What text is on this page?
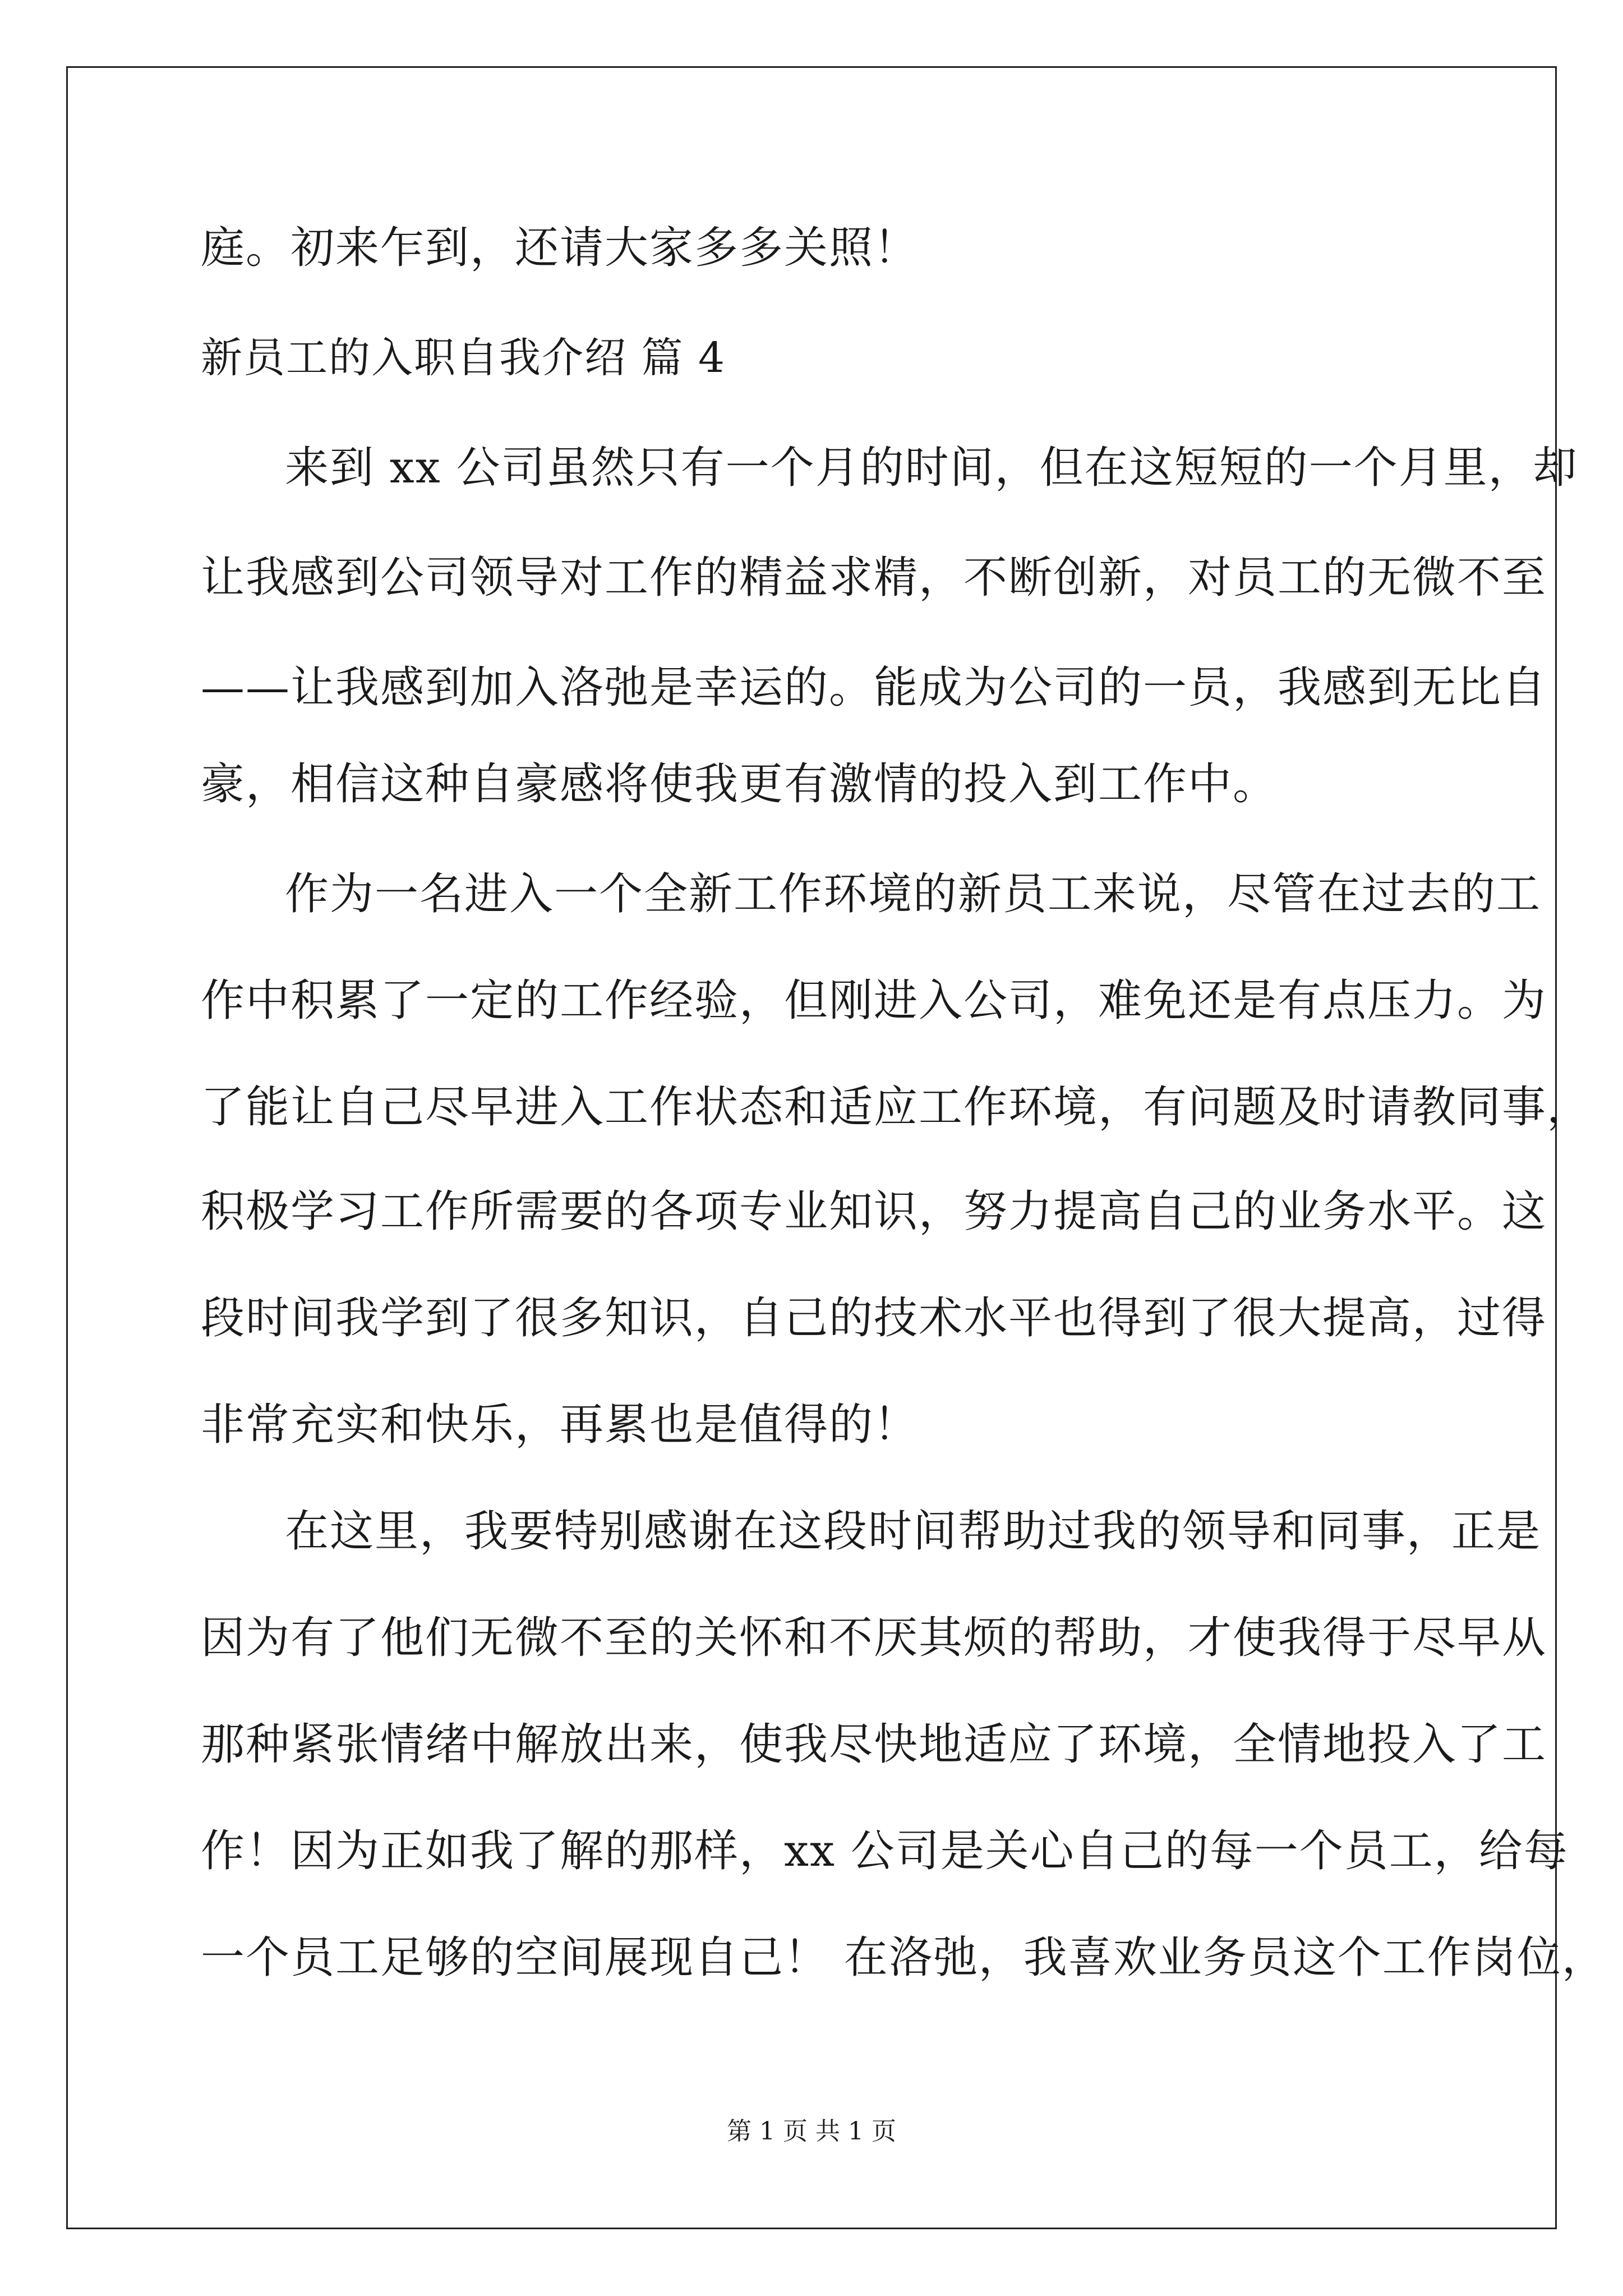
庭。初来乍到，还请大家多多关照！
新员工的入职自我介绍 篇 4
来到 xx 公司虽然只有一个月的时间，但在这短短的一个月里，却
让我感到公司领导对工作的精益求精，不断创新，对员工的无微不至
——让我感到加入洛弛是幸运的。能成为公司的一员，我感到无比自
豪，相信这种自豪感将使我更有激情的投入到工作中。
作为一名进入一个全新工作环境的新员工来说，尽管在过去的工
作中积累了一定的工作经验，但刚进入公司，难免还是有点压力。为
了能让自己尽早进入工作状态和适应工作环境，有问题及时请教同事，
积极学习工作所需要的各项专业知识，努力提高自己的业务水平。这
段时间我学到了很多知识，自己的技术水平也得到了很大提高，过得
非常充实和快乐，再累也是值得的！
在这里，我要特别感谢在这段时间帮助过我的领导和同事，正是
因为有了他们无微不至的关怀和不厌其烦的帮助，才使我得于尽早从
那种紧张情绪中解放出来，使我尽快地适应了环境，全情地投入了工
作！因为正如我了解的那样，xx 公司是关心自己的每一个员工，给每
一个员工足够的空间展现自己！ 在洛弛，我喜欢业务员这个工作岗位，
第 1 页 共 1 页
